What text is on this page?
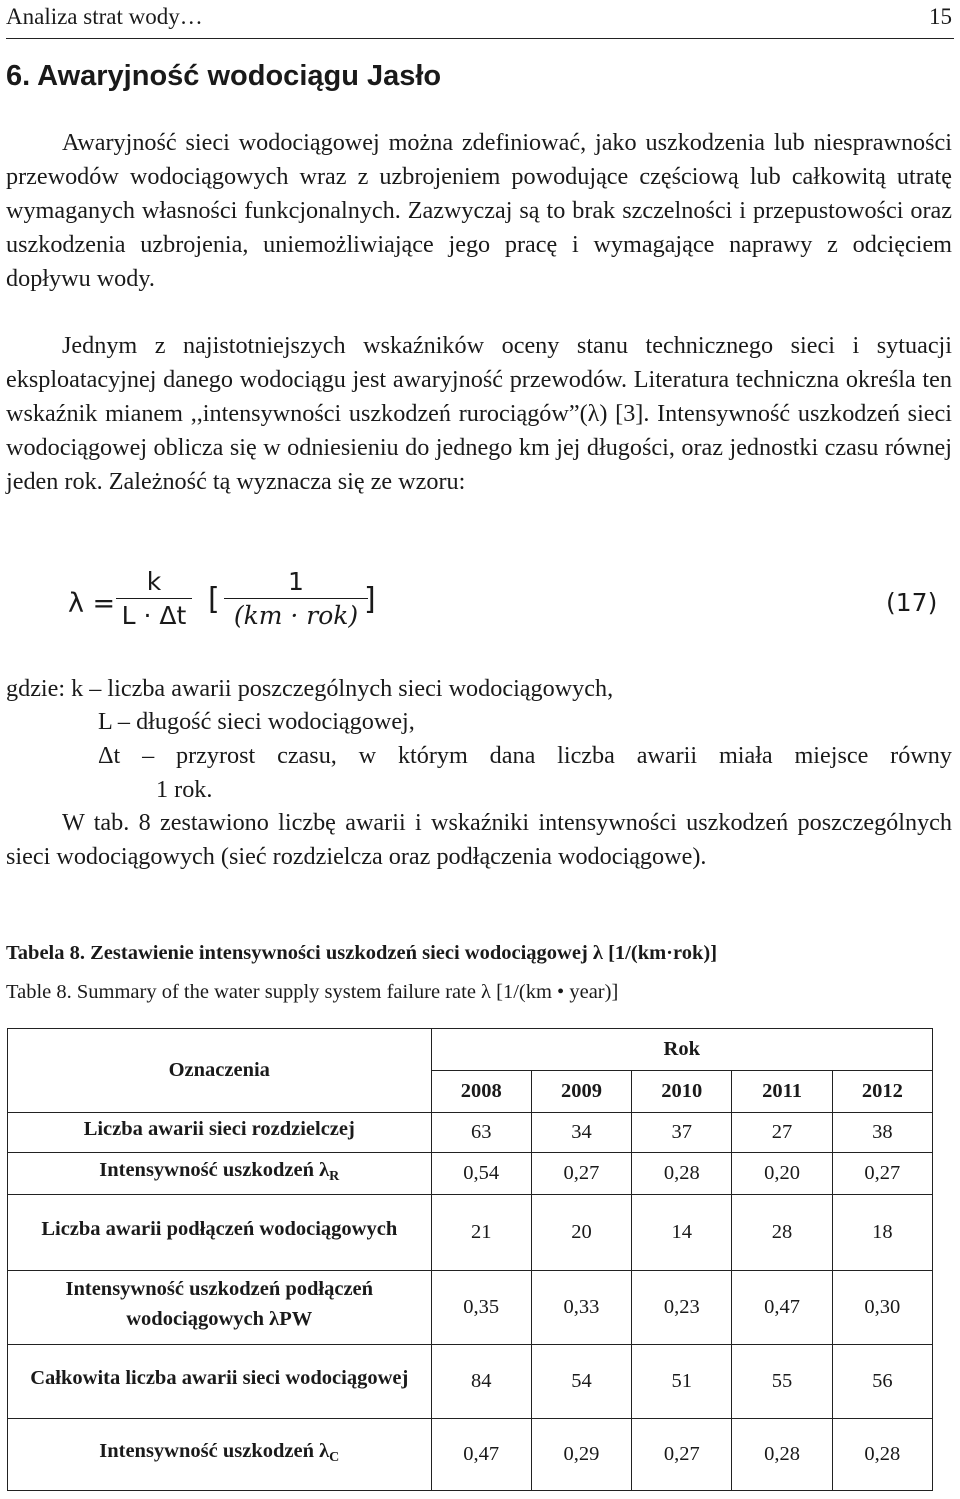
Analiza strat wody…	15
6. Awaryjność wodociągu Jasło

Awaryjność sieci wodociągowej można zdefiniować, jako uszkodzenia lub niesprawności przewodów wodociągowych wraz z uzbrojeniem powodujące częściową lub całkowitą utratę wymaganych własności funkcjonalnych. Zazwyczaj są to brak szczelności i przepustowości oraz uszkodzenia uzbrojenia, uniemożliwiające jego pracę i wymagające naprawy z odcięciem dopływu wody.

Jednym z najistotniejszych wskaźników oceny stanu technicznego sieci i sytuacji eksploatacyjnej danego wodociągu jest awaryjność przewodów. Literatura techniczna określa ten wskaźnik mianem ,,intensywności uszkodzeń rurociągów”(λ) [3]. Intensywność uszkodzeń sieci wodociągowej oblicza się w odniesieniu do jednego km jej długości, oraz jednostki czasu równej jeden rok. Zależność tą wyznacza się ze wzoru:

λ =
k
L · Δt [
1
(km · rok) ]	(17)
gdzie: k – liczba awarii poszczególnych sieci wodociągowych,
L – długość sieci wodociągowej,
Δt – przyrost czasu, w którym dana liczba awarii miała miejsce równy
1 rok.

W tab. 8 zestawiono liczbę awarii i wskaźniki intensywności uszkodzeń poszczególnych sieci wodociągowych (sieć rozdzielcza oraz podłączenia wodociągowe).

Tabela 8. Zestawienie intensywności uszkodzeń sieci wodociągowej λ [1/(km·rok)]
Table 8. Summary of the water supply system failure rate λ [1/(km • year)]
Oznaczenia	Rok				
	2008	2009	2010	2011	2012
Liczba awarii sieci rozdzielczej	63	34	37	27	38
Intensywność uszkodzeń $\lambda_R$	0,54	0,27	0,28	0,20	0,27
Liczba awarii podłączeń wodociągowych	21	20	14	28	18
Intensywność uszkodzeń podłączeń wodociągowych λPW	0,35	0,33	0,23	0,47	0,30
Całkowita liczba awarii sieci wodociągowej	84	54	51	55	56
Intensywność uszkodzeń $\lambda_C$	0,47	0,29	0,27	0,28	0,28
